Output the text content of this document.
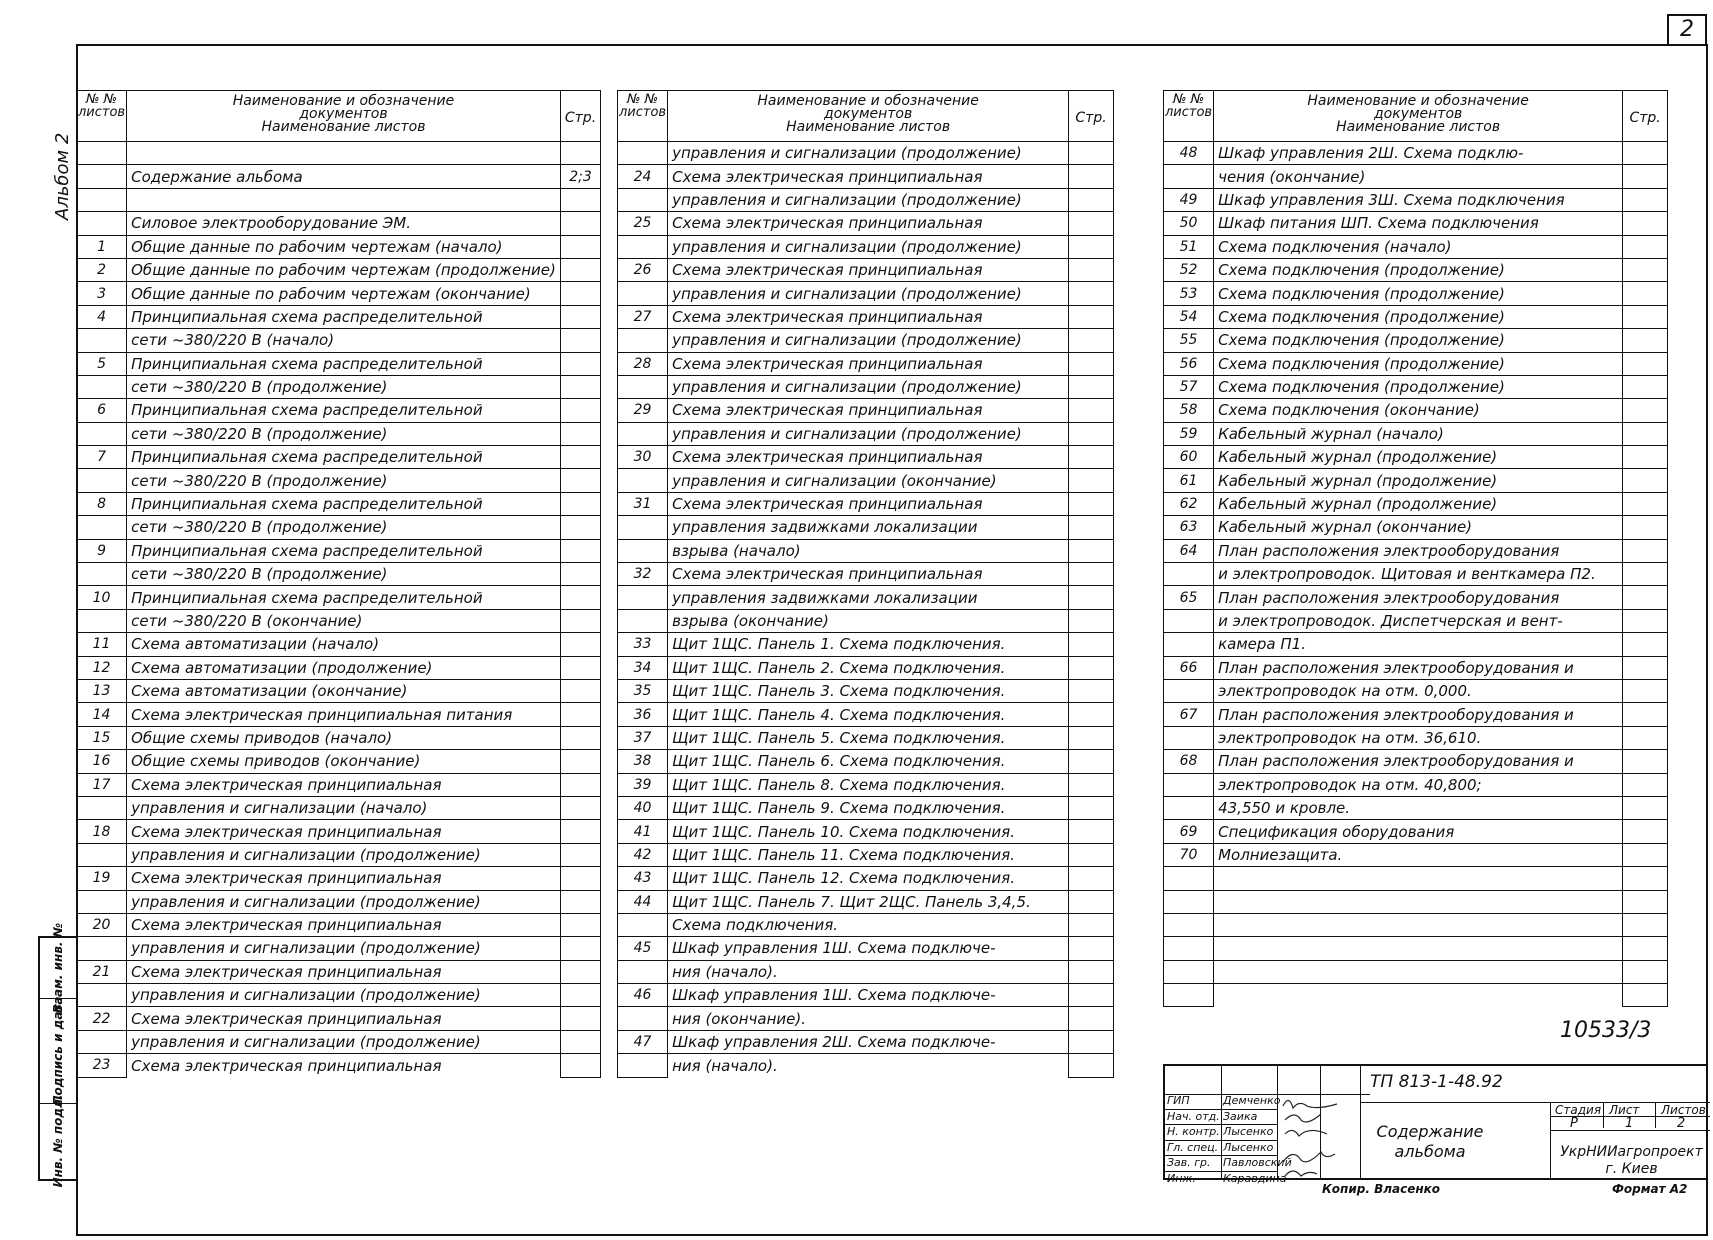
2
Альбом 2
Взам. инв. №
Подпись и дата
Инв. № подл.
№ № листов	Наименование и обозначение
документов
Наименование листов	Стр.

	Содержание альбома	2;3

	Силовое электрооборудование ЭМ.	
1	Общие данные по рабочим чертежам (начало)	
2	Общие данные по рабочим чертежам (продолжение)	
3	Общие данные по рабочим чертежам (окончание)	
4	Принципиальная схема распределительной	
	сети ~380/220 В (начало)	
5	Принципиальная схема распределительной	
	сети ~380/220 В (продолжение)	
6	Принципиальная схема распределительной	
	сети ~380/220 В (продолжение)	
7	Принципиальная схема распределительной	
	сети ~380/220 В (продолжение)	
8	Принципиальная схема распределительной	
	сети ~380/220 В (продолжение)	
9	Принципиальная схема распределительной	
	сети ~380/220 В (продолжение)	
10	Принципиальная схема распределительной	
	сети ~380/220 В (окончание)	
11	Схема автоматизации (начало)	
12	Схема автоматизации (продолжение)	
13	Схема автоматизации (окончание)	
14	Схема электрическая принципиальная питания	
15	Общие схемы приводов (начало)	
16	Общие схемы приводов (окончание)	
17	Схема электрическая принципиальная	
	управления и сигнализации (начало)	
18	Схема электрическая принципиальная	
	управления и сигнализации (продолжение)	
19	Схема электрическая принципиальная	
	управления и сигнализации (продолжение)	
20	Схема электрическая принципиальная	
	управления и сигнализации (продолжение)	
21	Схема электрическая принципиальная	
	управления и сигнализации (продолжение)	
22	Схема электрическая принципиальная	
	управления и сигнализации (продолжение)	
23	Схема электрическая принципиальная	
№ № листов	Наименование и обозначение
документов
Наименование листов	Стр.
	управления и сигнализации (продолжение)	
24	Схема электрическая принципиальная	
	управления и сигнализации (продолжение)	
25	Схема электрическая принципиальная	
	управления и сигнализации (продолжение)	
26	Схема электрическая принципиальная	
	управления и сигнализации (продолжение)	
27	Схема электрическая принципиальная	
	управления и сигнализации (продолжение)	
28	Схема электрическая принципиальная	
	управления и сигнализации (продолжение)	
29	Схема электрическая принципиальная	
	управления и сигнализации (продолжение)	
30	Схема электрическая принципиальная	
	управления и сигнализации (окончание)	
31	Схема электрическая принципиальная	
	управления задвижками локализации	
	взрыва (начало)	
32	Схема электрическая принципиальная	
	управления задвижками локализации	
	взрыва (окончание)	
33	Щит 1ЩС. Панель 1. Схема подключения.	
34	Щит 1ЩС. Панель 2. Схема подключения.	
35	Щит 1ЩС. Панель 3. Схема подключения.	
36	Щит 1ЩС. Панель 4. Схема подключения.	
37	Щит 1ЩС. Панель 5. Схема подключения.	
38	Щит 1ЩС. Панель 6. Схема подключения.	
39	Щит 1ЩС. Панель 8. Схема подключения.	
40	Щит 1ЩС. Панель 9. Схема подключения.	
41	Щит 1ЩС. Панель 10. Схема подключения.	
42	Щит 1ЩС. Панель 11. Схема подключения.	
43	Щит 1ЩС. Панель 12. Схема подключения.	
44	Щит 1ЩС. Панель 7. Щит 2ЩС. Панель 3,4,5.	
	Схема подключения.	
45	Шкаф управления 1Ш. Схема подключе-	
	ния (начало).	
46	Шкаф управления 1Ш. Схема подключе-	
	ния (окончание).	
47	Шкаф управления 2Ш. Схема подключе-	
	ния (начало).	
№ № листов	Наименование и обозначение
документов
Наименование листов	Стр.
48	Шкаф управления 2Ш. Схема подклю-	
	чения (окончание)	
49	Шкаф управления 3Ш. Схема подключения	
50	Шкаф питания ШП. Схема подключения	
51	Схема подключения (начало)	
52	Схема подключения (продолжение)	
53	Схема подключения (продолжение)	
54	Схема подключения (продолжение)	
55	Схема подключения (продолжение)	
56	Схема подключения (продолжение)	
57	Схема подключения (продолжение)	
58	Схема подключения (окончание)	
59	Кабельный журнал (начало)	
60	Кабельный журнал (продолжение)	
61	Кабельный журнал (продолжение)	
62	Кабельный журнал (продолжение)	
63	Кабельный журнал (окончание)	
64	План расположения электрооборудования	
	и электропроводок. Щитовая и венткамера П2.	
65	План расположения электрооборудования	
	и электропроводок. Диспетчерская и вент-	
	камера П1.	
66	План расположения электрооборудования и	
	электропроводок на отм. 0,000.	
67	План расположения электрооборудования и	
	электропроводок на отм. 36,610.	
68	План расположения электрооборудования и	
	электропроводок на отм. 40,800;	
	43,550 и кровле.	
69	Спецификация оборудования	
70	Молниезащита.	

10533/3
ГИП
Нач. отд.
Н. контр.
Гл. спец.
Зав. гр.
Инж.
Демченко
Заика
Лысенко
Лысенко
Павловский
Каравдина
ТП 813-1-48.92
Содержание
альбома
Стадия Лист Листов
Р	1	2
УкрНИИагропроект
г. Киев
Копир. Власенко	Формат А2
